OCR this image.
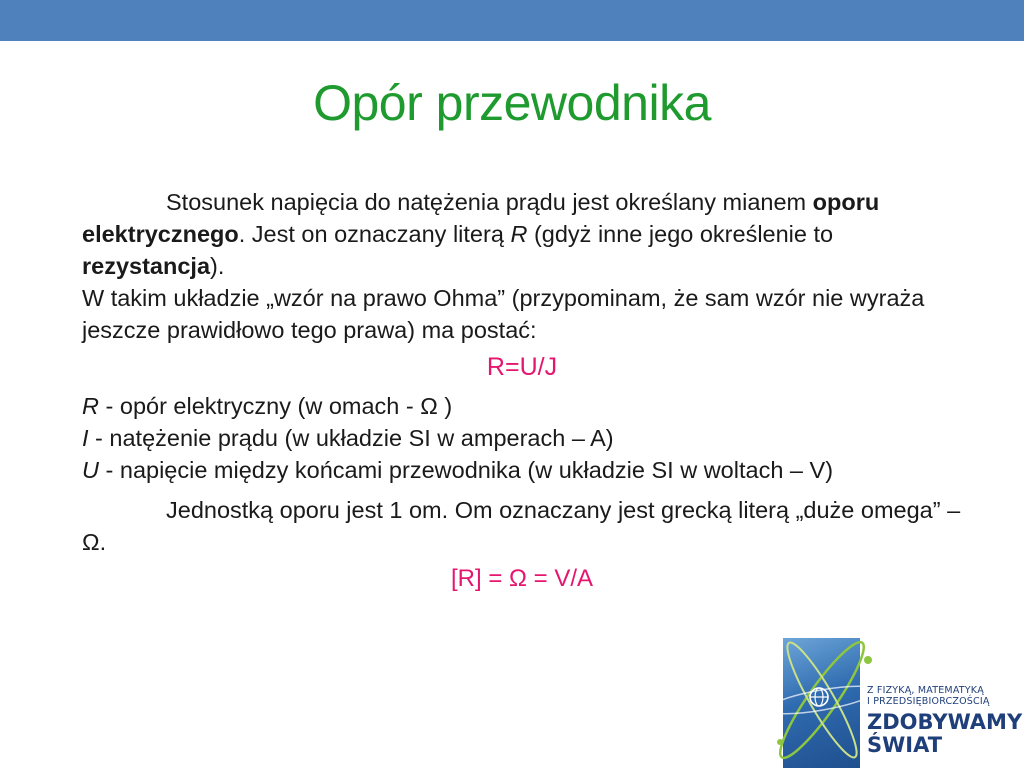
Opór przewodnika

Stosunek napięcia do natężenia prądu jest określany mianem oporu elektrycznego. Jest on oznaczany literą R (gdyż inne jego określenie to rezystancja).

W takim układzie „wzór na prawo Ohma” (przypominam, że sam wzór nie wyraża jeszcze prawidłowo tego prawa) ma postać:

R=U/J

R - opór elektryczny (w omach - Ω )
I - natężenie prądu (w układzie SI w amperach – A)
U - napięcie między końcami przewodnika (w układzie SI w woltach – V)

Jednostką oporu jest 1 om. Om oznaczany jest grecką literą „duże omega” – Ω.

[R] = Ω = V/A

Z FIZYKĄ, MATEMATYKĄ
I PRZEDSIĘBIORCZOŚCIĄ
ZDOBYWAMY
ŚWIAT
